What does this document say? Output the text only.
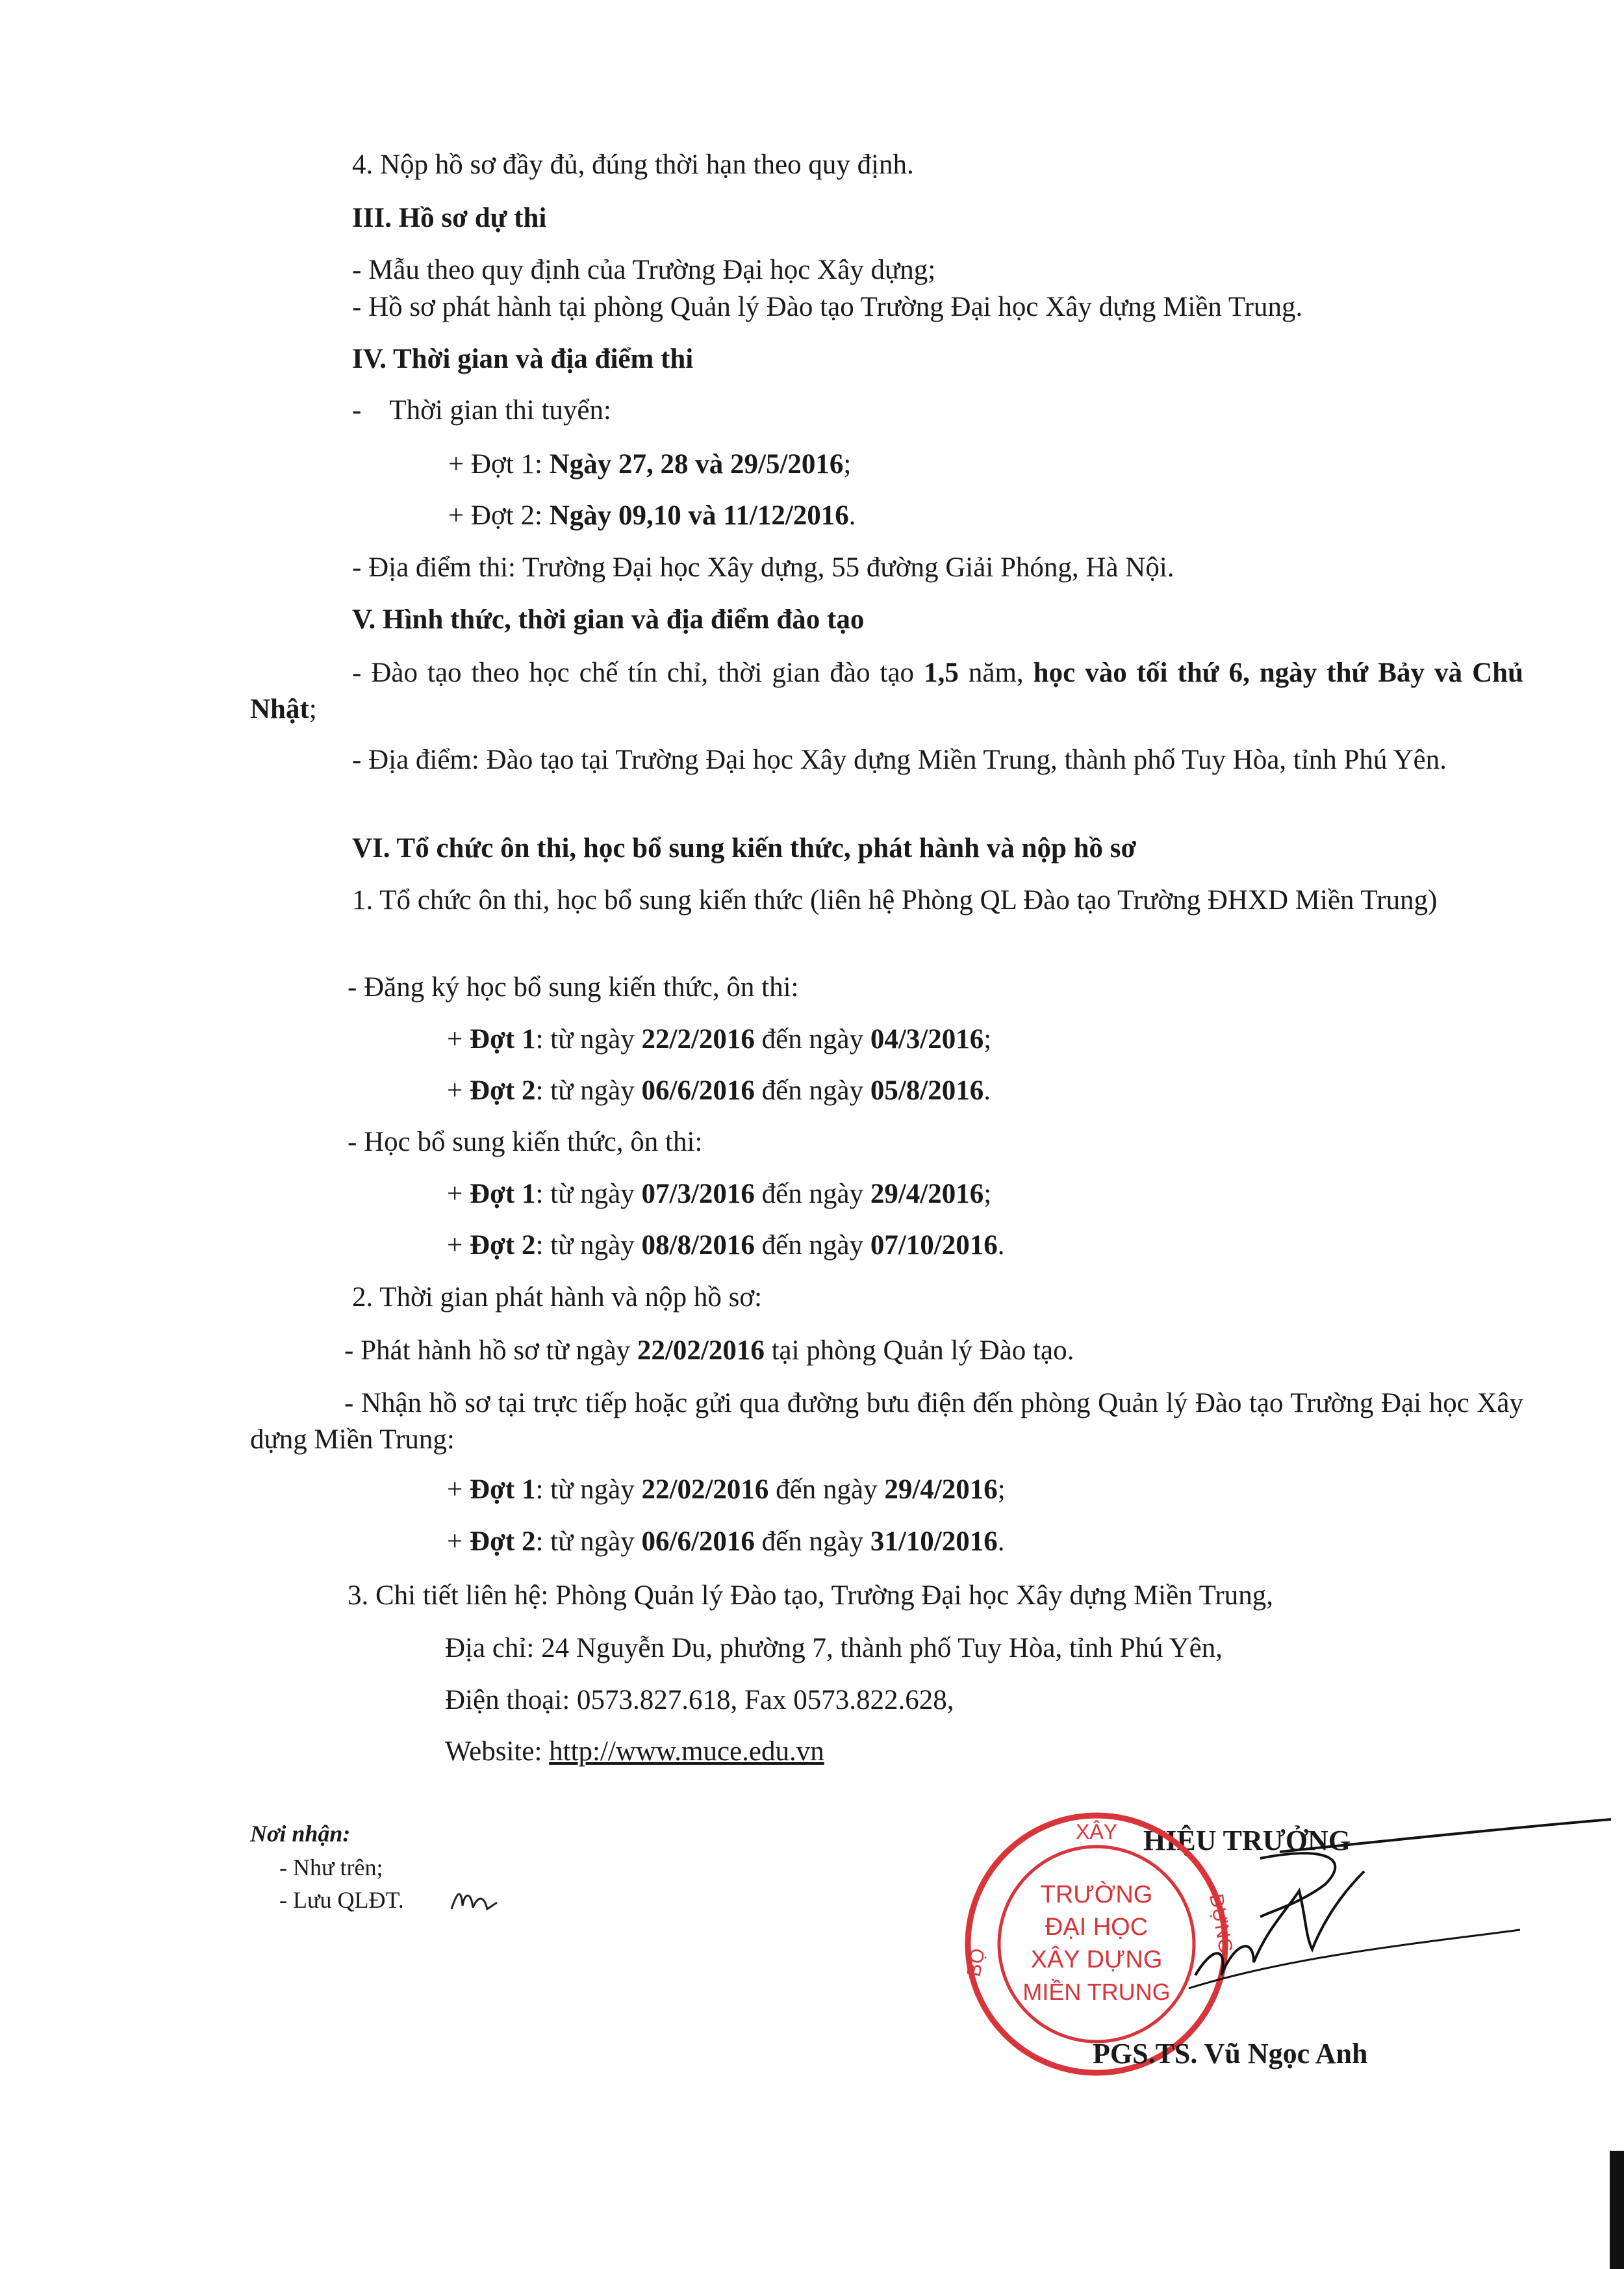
4. Nộp hồ sơ đầy đủ, đúng thời hạn theo quy định.
III. Hồ sơ dự thi
- Mẫu theo quy định của Trường Đại học Xây dựng;
- Hồ sơ phát hành tại phòng Quản lý Đào tạo Trường Đại học Xây dựng Miền Trung.
IV. Thời gian và địa điểm thi
-    Thời gian thi tuyển:
+ Đợt 1: Ngày 27, 28 và 29/5/2016;
+ Đợt 2: Ngày 09,10 và 11/12/2016.
- Địa điểm thi: Trường Đại học Xây dựng, 55 đường Giải Phóng, Hà Nội.
V. Hình thức, thời gian và địa điểm đào tạo
- Đào tạo theo học chế tín chỉ, thời gian đào tạo 1,5 năm, học vào tối thứ 6, ngày thứ Bảy và Chủ Nhật;
- Địa điểm: Đào tạo tại Trường Đại học Xây dựng Miền Trung, thành phố Tuy Hòa, tỉnh Phú Yên.
VI. Tổ chức ôn thi, học bổ sung kiến thức, phát hành và nộp hồ sơ
1. Tổ chức ôn thi, học bổ sung kiến thức (liên hệ Phòng QL Đào tạo Trường ĐHXD Miền Trung)
- Đăng ký học bổ sung kiến thức, ôn thi:
+ Đợt 1: từ ngày 22/2/2016 đến ngày 04/3/2016;
+ Đợt 2: từ ngày 06/6/2016 đến ngày 05/8/2016.
- Học bổ sung kiến thức, ôn thi:
+ Đợt 1: từ ngày 07/3/2016 đến ngày 29/4/2016;
+ Đợt 2: từ ngày 08/8/2016 đến ngày 07/10/2016.
2. Thời gian phát hành và nộp hồ sơ:
- Phát hành hồ sơ từ ngày 22/02/2016 tại phòng Quản lý Đào tạo.
- Nhận hồ sơ tại trực tiếp hoặc gửi qua đường bưu điện đến phòng Quản lý Đào tạo Trường Đại học Xây dựng Miền Trung:
+ Đợt 1: từ ngày 22/02/2016 đến ngày 29/4/2016;
+ Đợt 2: từ ngày 06/6/2016 đến ngày 31/10/2016.
3. Chi tiết liên hệ: Phòng Quản lý Đào tạo, Trường Đại học Xây dựng Miền Trung,
Địa chỉ: 24 Nguyễn Du, phường 7, thành phố Tuy Hòa, tỉnh Phú Yên,
Điện thoại: 0573.827.618, Fax 0573.822.628,
Website: http://www.muce.edu.vn
Nơi nhận:
- Như trên;
- Lưu QLĐT.
HIỆU TRƯỞNG
XÂY
BỘ
DỰNG
TRƯỜNG
ĐẠI HỌC
XÂY DỰNG
MIỀN TRUNG
PGS.TS. Vũ Ngọc Anh
